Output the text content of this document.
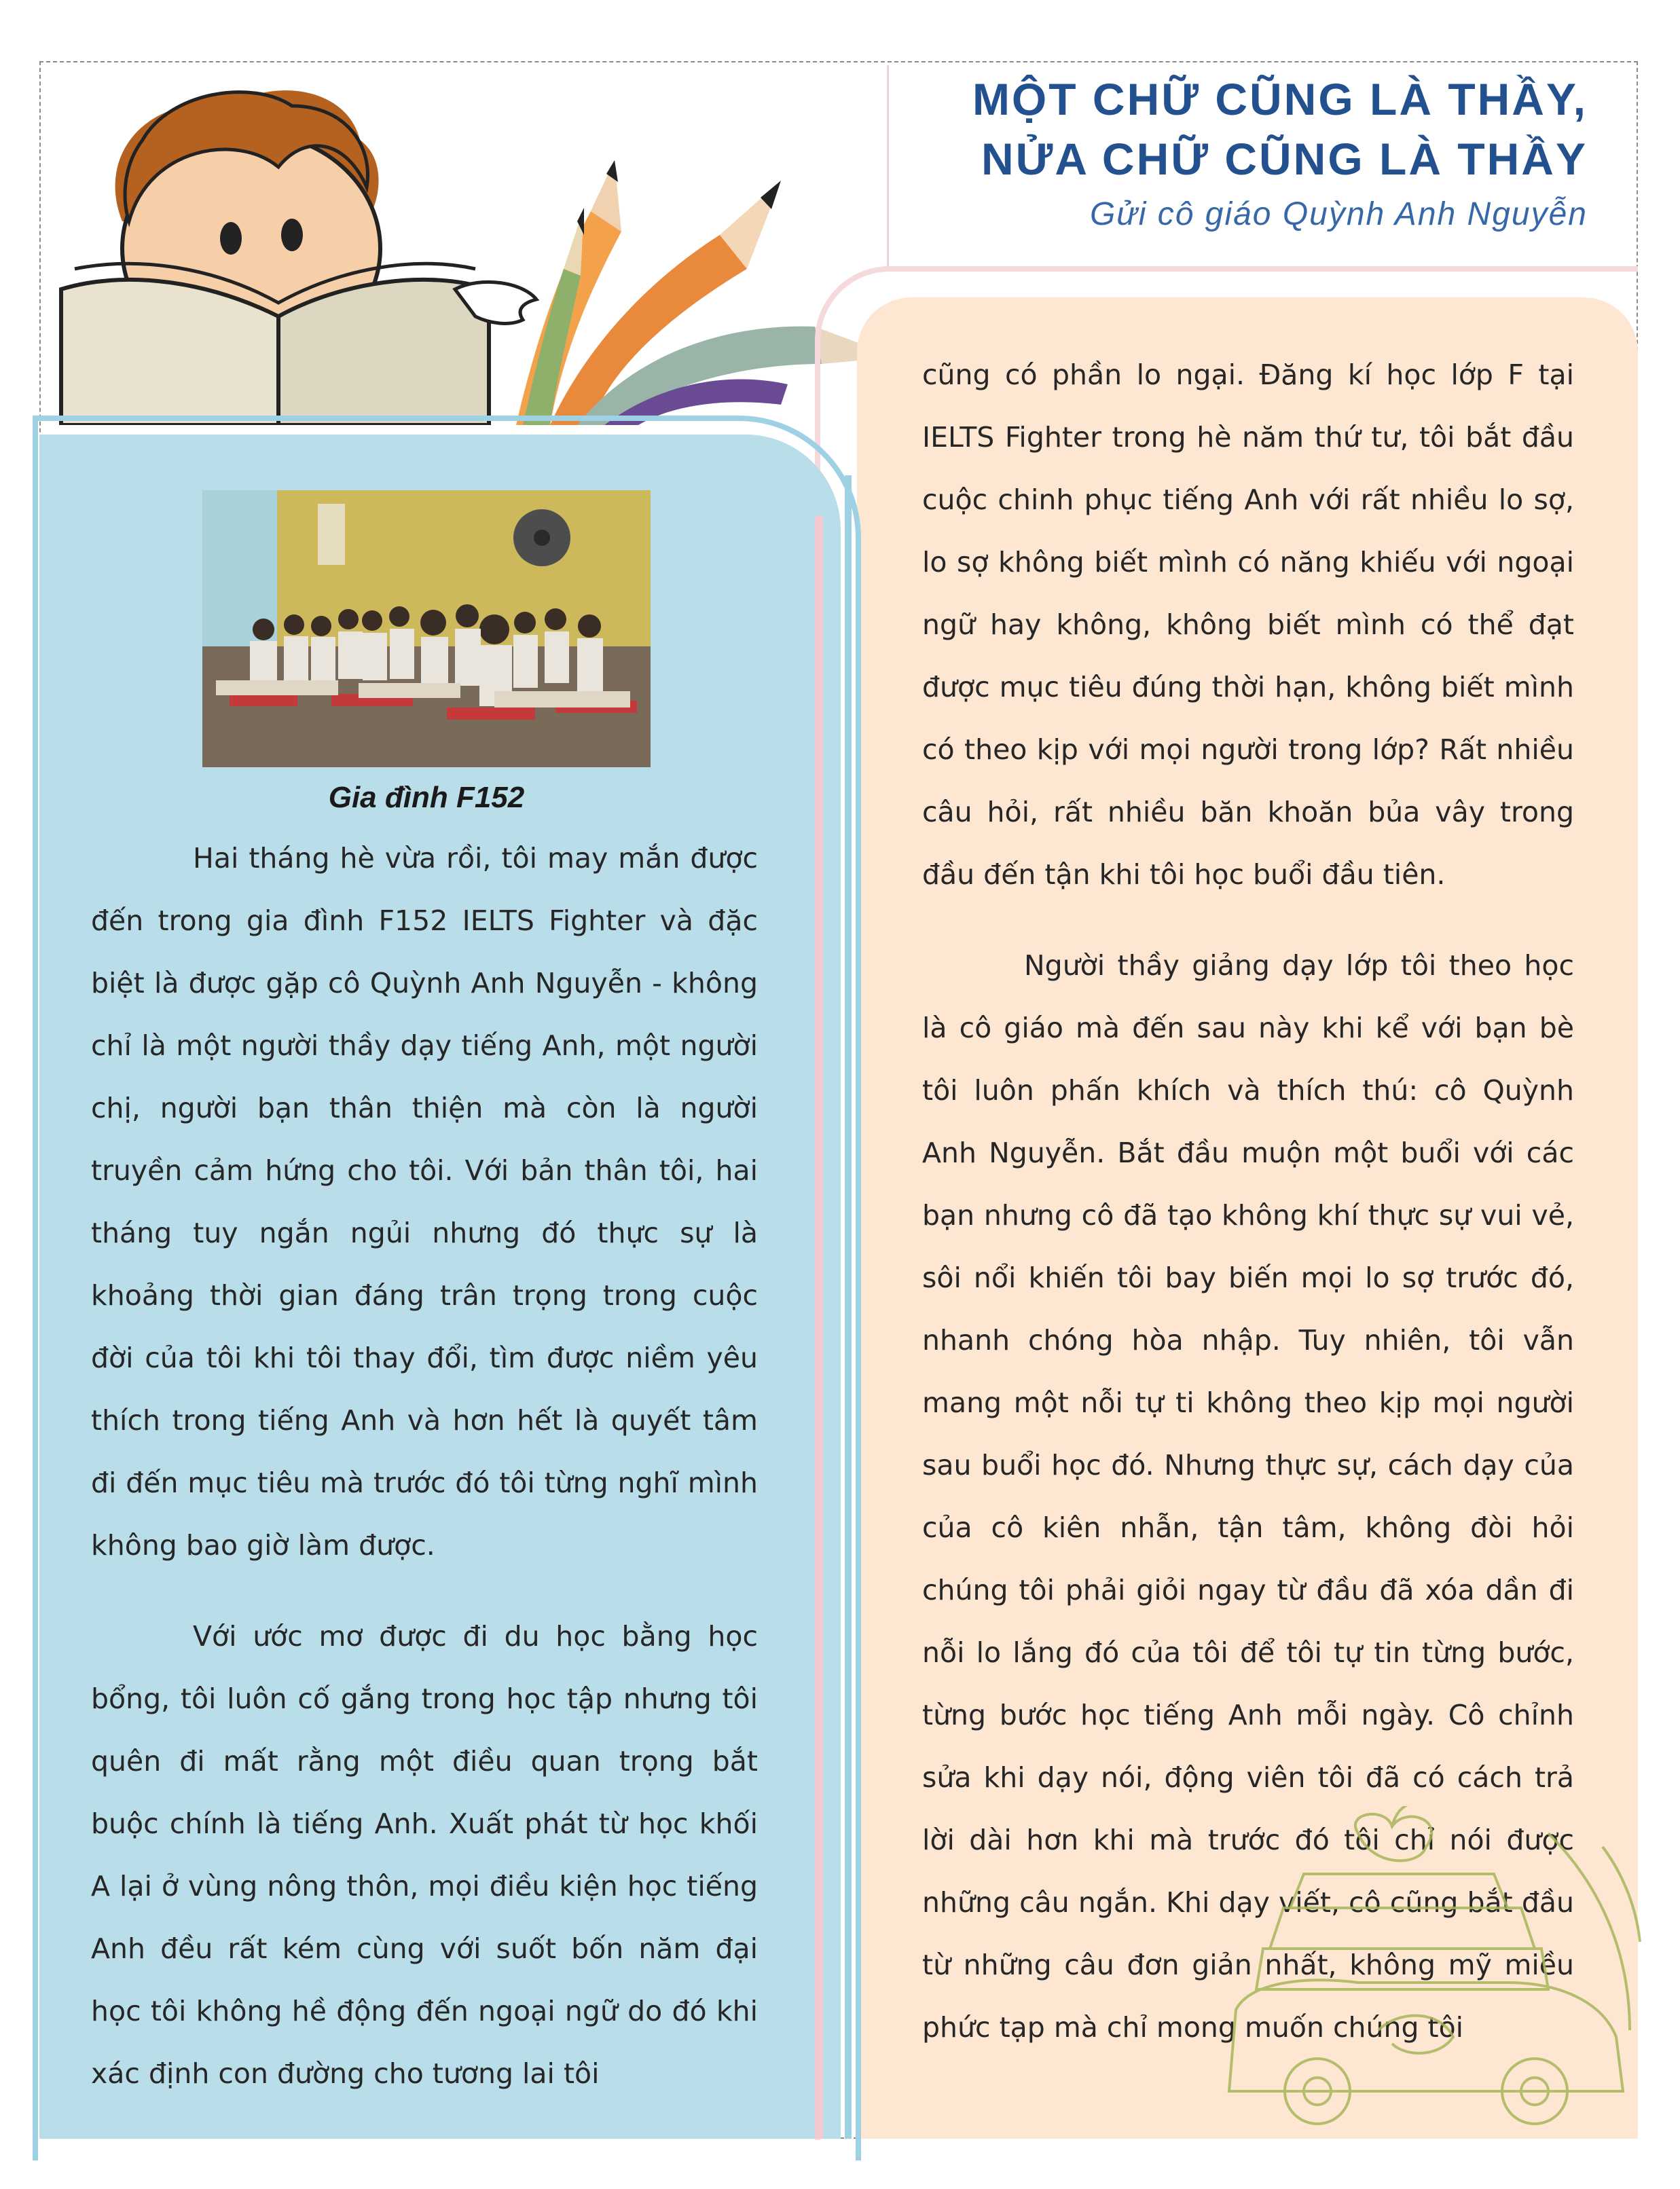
MỘT CHỮ CŨNG LÀ THẦY,
NỬA CHỮ CŨNG LÀ THẦY
Gửi cô giáo Quỳnh Anh Nguyễn
Gia đình F152

Hai tháng hè vừa rồi, tôi may mắn được đến trong gia đình F152 IELTS Fighter và đặc biệt là được gặp cô Quỳnh Anh Nguyễn - không chỉ là một người thầy dạy tiếng Anh, một người chị, người bạn thân thiện mà còn là người truyền cảm hứng cho tôi. Với bản thân tôi, hai tháng tuy ngắn ngủi nhưng đó thực sự là khoảng thời gian đáng trân trọng trong cuộc đời của tôi khi tôi thay đổi, tìm được niềm yêu thích trong tiếng Anh và hơn hết là quyết tâm đi đến mục tiêu mà trước đó tôi từng nghĩ mình không bao giờ làm được.

Với ước mơ được đi du học bằng học bổng, tôi luôn cố gắng trong học tập nhưng tôi quên đi mất rằng một điều quan trọng bắt buộc chính là tiếng Anh. Xuất phát từ học khối A lại ở vùng nông thôn, mọi điều kiện học tiếng Anh đều rất kém cùng với suốt bốn năm đại học tôi không hề động đến ngoại ngữ do đó khi xác định con đường cho tương lai tôi

cũng có phần lo ngại. Đăng kí học lớp F tại IELTS Fighter trong hè năm thứ tư, tôi bắt đầu cuộc chinh phục tiếng Anh với rất nhiều lo sợ, lo sợ không biết mình có năng khiếu với ngoại ngữ hay không, không biết mình có thể đạt được mục tiêu đúng thời hạn, không biết mình có theo kịp với mọi người trong lớp? Rất nhiều câu hỏi, rất nhiều băn khoăn bủa vây trong đầu đến tận khi tôi học buổi đầu tiên.

Người thầy giảng dạy lớp tôi theo học là cô giáo mà đến sau này khi kể với bạn bè tôi luôn phấn khích và thích thú: cô Quỳnh Anh Nguyễn. Bắt đầu muộn một buổi với các bạn nhưng cô đã tạo không khí thực sự vui vẻ, sôi nổi khiến tôi bay biến mọi lo sợ trước đó, nhanh chóng hòa nhập. Tuy nhiên, tôi vẫn mang một nỗi tự ti không theo kịp mọi người sau buổi học đó. Nhưng thực sự, cách dạy của của cô kiên nhẫn, tận tâm, không đòi hỏi chúng tôi phải giỏi ngay từ đầu đã xóa dần đi nỗi lo lắng đó của tôi để tôi tự tin từng bước, từng bước học tiếng Anh mỗi ngày. Cô chỉnh sửa khi dạy nói, động viên tôi đã có cách trả lời dài hơn khi mà trước đó tôi chỉ nói được những câu ngắn. Khi dạy viết, cô cũng bắt đầu từ những câu đơn giản nhất, không mỹ miều phức tạp mà chỉ mong muốn chúng tôi
